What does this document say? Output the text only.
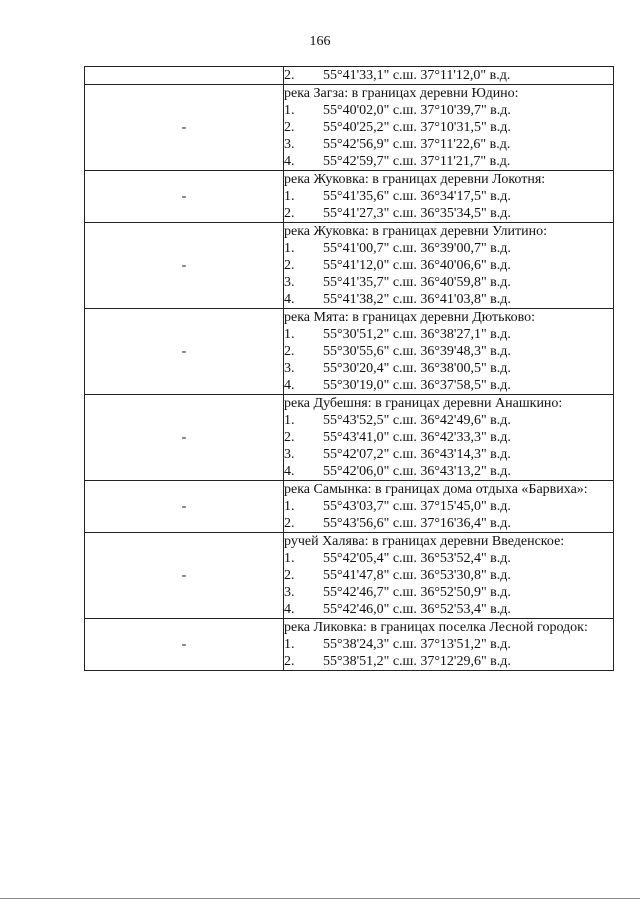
166

	2. 55°41'33,1" с.ш. 37°11'12,0" в.д.

-	река Загза: в границах деревни Юдино:
1. 55°40'02,0" с.ш. 37°10'39,7" в.д.
2. 55°40'25,2" с.ш. 37°10'31,5" в.д.
3. 55°42'56,9" с.ш. 37°11'22,6" в.д.
4. 55°42'59,7" с.ш. 37°11'21,7" в.д.

-	река Жуковка: в границах деревни Локотня:
1. 55°41'35,6" с.ш. 36°34'17,5" в.д.
2. 55°41'27,3" с.ш. 36°35'34,5" в.д.

-	река Жуковка: в границах деревни Улитино:
1. 55°41'00,7" с.ш. 36°39'00,7" в.д.
2. 55°41'12,0" с.ш. 36°40'06,6" в.д.
3. 55°41'35,7" с.ш. 36°40'59,8" в.д.
4. 55°41'38,2" с.ш. 36°41'03,8" в.д.

-	река Мята: в границах деревни Дютьково:
1. 55°30'51,2" с.ш. 36°38'27,1" в.д.
2. 55°30'55,6" с.ш. 36°39'48,3" в.д.
3. 55°30'20,4" с.ш. 36°38'00,5" в.д.
4. 55°30'19,0" с.ш. 36°37'58,5" в.д.

-	река Дубешня: в границах деревни Анашкино:
1. 55°43'52,5" с.ш. 36°42'49,6" в.д.
2. 55°43'41,0" с.ш. 36°42'33,3" в.д.
3. 55°42'07,2" с.ш. 36°43'14,3" в.д.
4. 55°42'06,0" с.ш. 36°43'13,2" в.д.

-	река Самынка: в границах дома отдыха «Барвиха»:
1. 55°43'03,7" с.ш. 37°15'45,0" в.д.
2. 55°43'56,6" с.ш. 37°16'36,4" в.д.

-	ручей Халява: в границах деревни Введенское:
1. 55°42'05,4" с.ш. 36°53'52,4" в.д.
2. 55°41'47,8" с.ш. 36°53'30,8" в.д.
3. 55°42'46,7" с.ш. 36°52'50,9" в.д.
4. 55°42'46,0" с.ш. 36°52'53,4" в.д.

-	река Ликовка: в границах поселка Лесной городок:
1. 55°38'24,3" с.ш. 37°13'51,2" в.д.
2. 55°38'51,2" с.ш. 37°12'29,6" в.д.
